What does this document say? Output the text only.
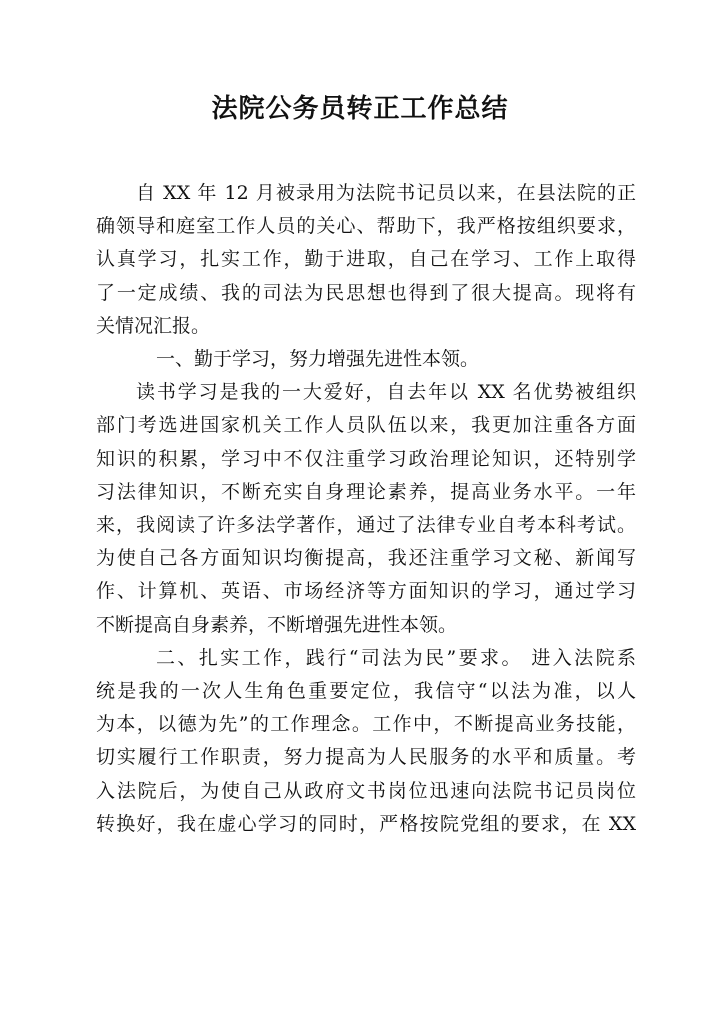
法院公务员转正工作总结
自 XX 年 12 月被录用为法院书记员以来，在县法院的正
确领导和庭室工作人员的关心、帮助下，我严格按组织要求，
认真学习，扎实工作，勤于进取，自己在学习、工作上取得
了一定成绩、我的司法为民思想也得到了很大提高。现将有
关情况汇报。
一、勤于学习，努力增强先进性本领。
读书学习是我的一大爱好，自去年以 XX 名优势被组织
部门考选进国家机关工作人员队伍以来，我更加注重各方面
知识的积累，学习中不仅注重学习政治理论知识，还特别学
习法律知识，不断充实自身理论素养，提高业务水平。一年
来，我阅读了许多法学著作，通过了法律专业自考本科考试。
为使自己各方面知识均衡提高，我还注重学习文秘、新闻写
作、计算机、英语、市场经济等方面知识的学习，通过学习
不断提高自身素养，不断增强先进性本领。
二、扎实工作，践行“司法为民”要求。 进入法院系
统是我的一次人生角色重要定位，我信守“以法为准，以人
为本，以德为先”的工作理念。工作中，不断提高业务技能，
切实履行工作职责，努力提高为人民服务的水平和质量。考
入法院后，为使自己从政府文书岗位迅速向法院书记员岗位
转换好，我在虚心学习的同时，严格按院党组的要求，在 XX
